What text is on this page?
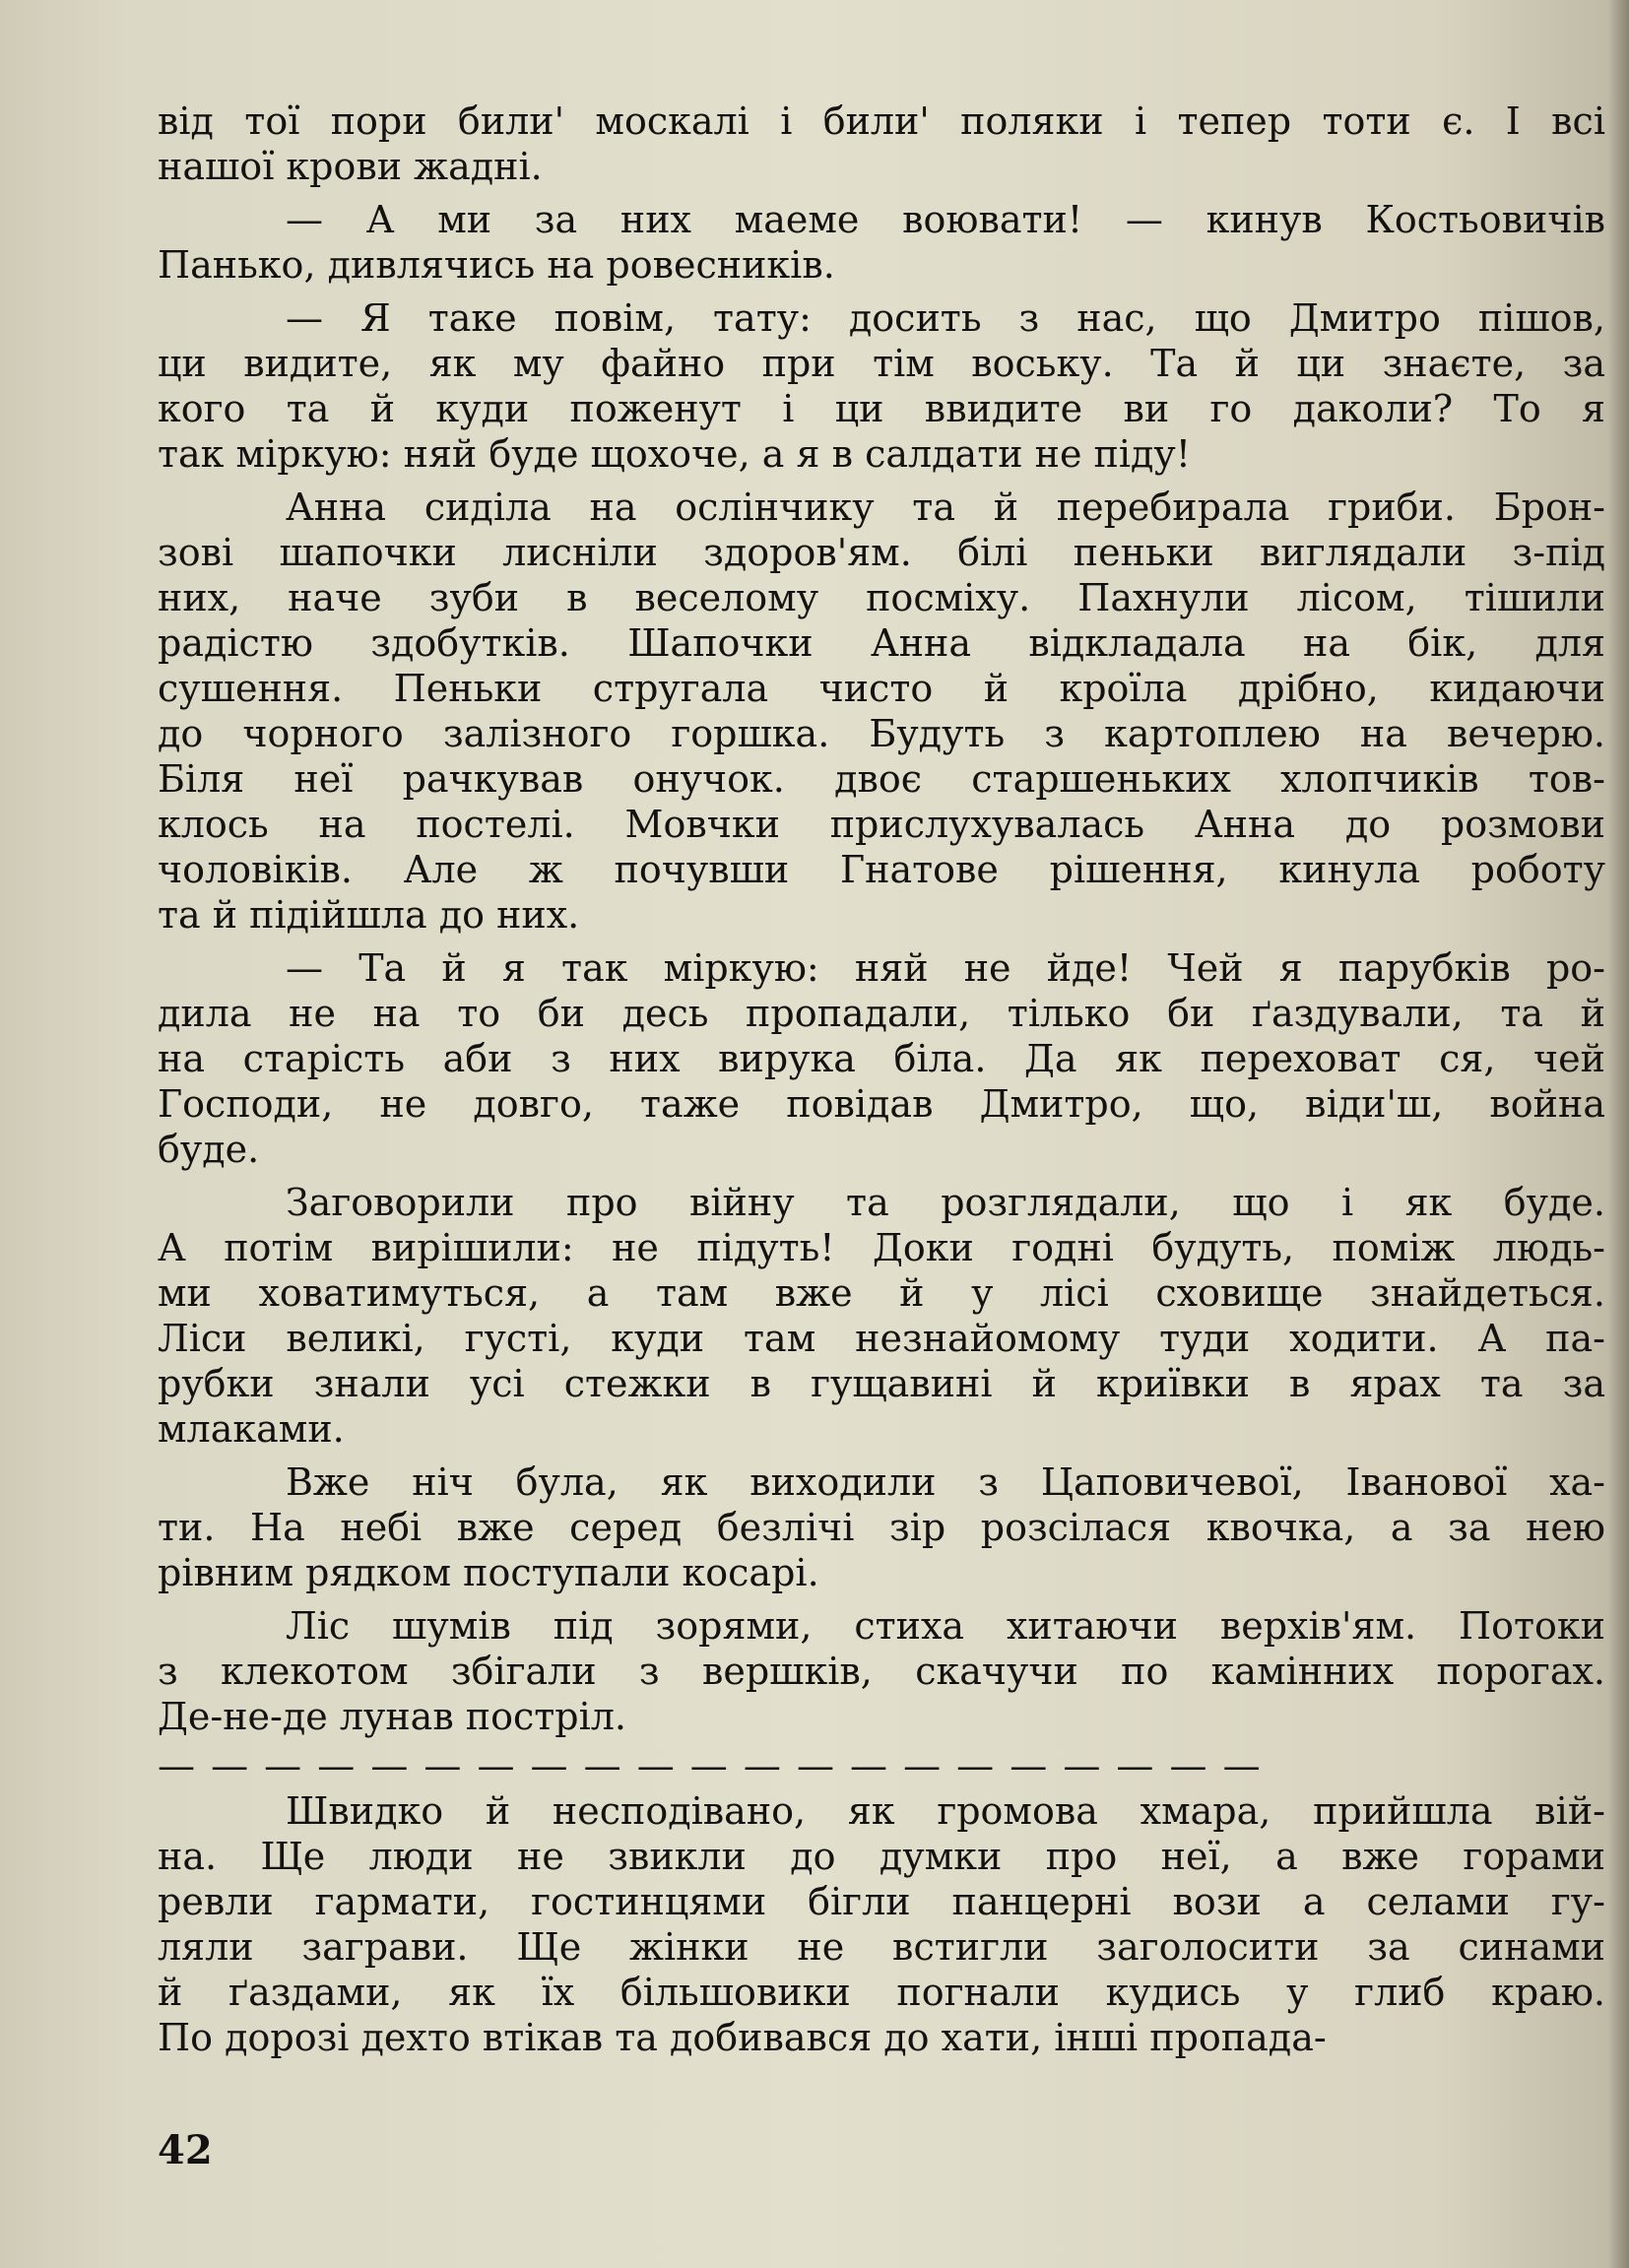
від тої пори били' москалі і били' поляки і тепер тоти є. І всі
нашої крови жадні.
— А ми за них маеме воювати! — кинув Костьовичів
Панько, дивлячись на ровесників.
— Я таке повім, тату: досить з нас, що Дмитро пішов,
ци видите, як му файно при тім воську. Та й ци знаєте, за
кого та й куди поженут і ци ввидите ви го даколи? То я
так міркую: няй буде щохоче, а я в салдати не піду!
Анна сиділа на ослінчику та й перебирала гриби. Брон-
зові шапочки лисніли здоров'ям. білі пеньки виглядали з-під
них, наче зуби в веселому посміху. Пахнули лісом, тішили
радістю здобутків. Шапочки Анна відкладала на бік, для
сушення. Пеньки стругала чисто й кроїла дрібно, кидаючи
до чорного залізного горшка. Будуть з картоплею на вечерю.
Біля неї рачкував онучок. двоє старшеньких хлопчиків тов-
клось на постелі. Мовчки прислухувалась Анна до розмови
чоловіків. Але ж почувши Гнатове рішення, кинула роботу
та й підійшла до них.
— Та й я так міркую: няй не йде! Чей я парубків ро-
дила не на то би десь пропадали, тілько би ґаздували, та й
на старість аби з них вирука біла. Да як переховат ся, чей
Господи, не довго, таже повідав Дмитро, що, віди'ш, война
буде.
Заговорили про війну та розглядали, що і як буде.
А потім вирішили: не підуть! Доки годні будуть, поміж людь-
ми ховатимуться, а там вже й у лісі сховище знайдеться.
Ліси великі, густі, куди там незнайомому туди ходити. А па-
рубки знали усі стежки в гущавині й криївки в ярах та за
млаками.
Вже ніч була, як виходили з Цаповичевої, Іванової ха-
ти. На небі вже серед безлічі зір розсілася квочка, а за нею
рівним рядком поступали косарі.
Ліс шумів під зорями, стиха хитаючи верхів'ям. Потоки
з клекотом збігали з вершків, скачучи по камінних порогах.
Де-не-де лунав постріл.
— — — — — — — — — — — — — — — — — — — — —
Швидко й несподівано, як громова хмара, прийшла вій-
на. Ще люди не звикли до думки про неї, а вже горами
ревли гармати, гостинцями бігли панцерні вози а селами гу-
ляли заграви. Ще жінки не встигли заголосити за синами
й ґаздами, як їх більшовики погнали кудись у глиб краю.
По дорозі дехто втікав та добивався до хати, інші пропада-
42
